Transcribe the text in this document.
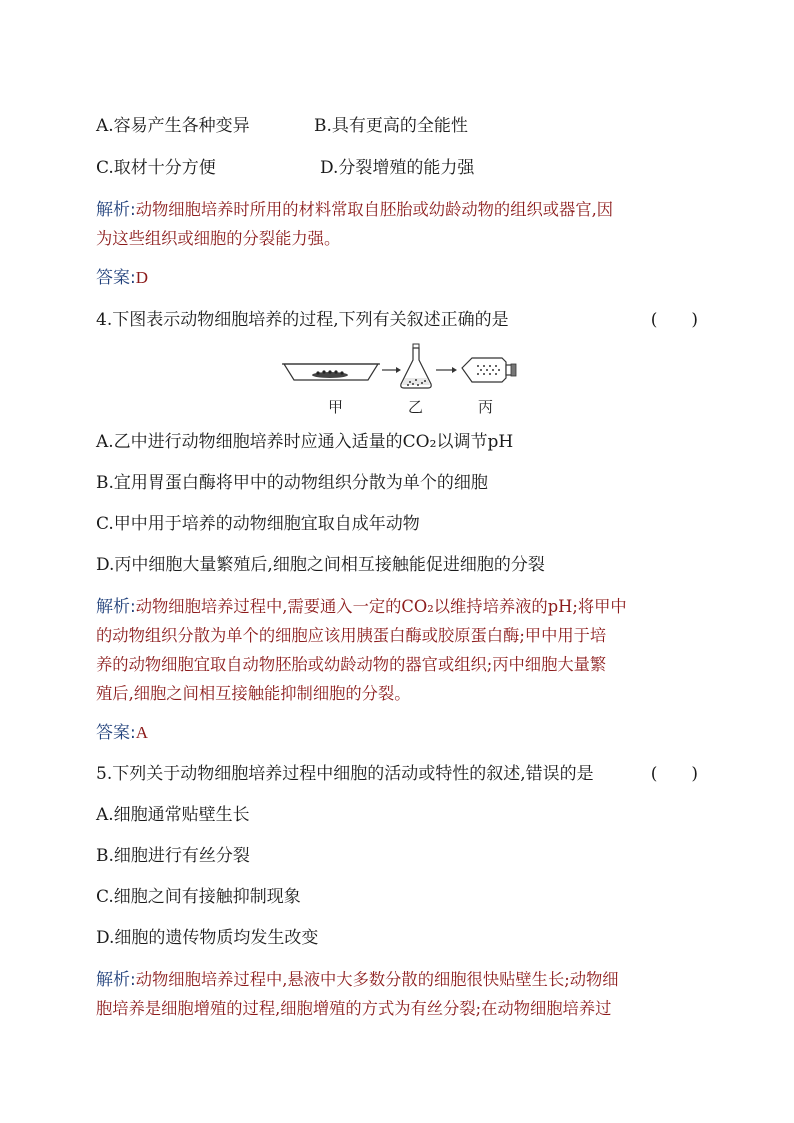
A.容易产生各种变异	B.具有更高的全能性
C.取材十分方便	D.分裂增殖的能力强
解析:动物细胞培养时所用的材料常取自胚胎或幼龄动物的组织或器官,因
为这些组织或细胞的分裂能力强。
答案:D
4.下图表示动物细胞培养的过程,下列有关叙述正确的是	(　　)
甲	乙	丙
A.乙中进行动物细胞培养时应通入适量的CO₂以调节pH
B.宜用胃蛋白酶将甲中的动物组织分散为单个的细胞
C.甲中用于培养的动物细胞宜取自成年动物
D.丙中细胞大量繁殖后,细胞之间相互接触能促进细胞的分裂
解析:动物细胞培养过程中,需要通入一定的CO₂以维持培养液的pH;将甲中
的动物组织分散为单个的细胞应该用胰蛋白酶或胶原蛋白酶;甲中用于培
养的动物细胞宜取自动物胚胎或幼龄动物的器官或组织;丙中细胞大量繁
殖后,细胞之间相互接触能抑制细胞的分裂。
答案:A
5.下列关于动物细胞培养过程中细胞的活动或特性的叙述,错误的是	(　　)
A.细胞通常贴壁生长
B.细胞进行有丝分裂
C.细胞之间有接触抑制现象
D.细胞的遗传物质均发生改变
解析:动物细胞培养过程中,悬液中大多数分散的细胞很快贴壁生长;动物细
胞培养是细胞增殖的过程,细胞增殖的方式为有丝分裂;在动物细胞培养过
